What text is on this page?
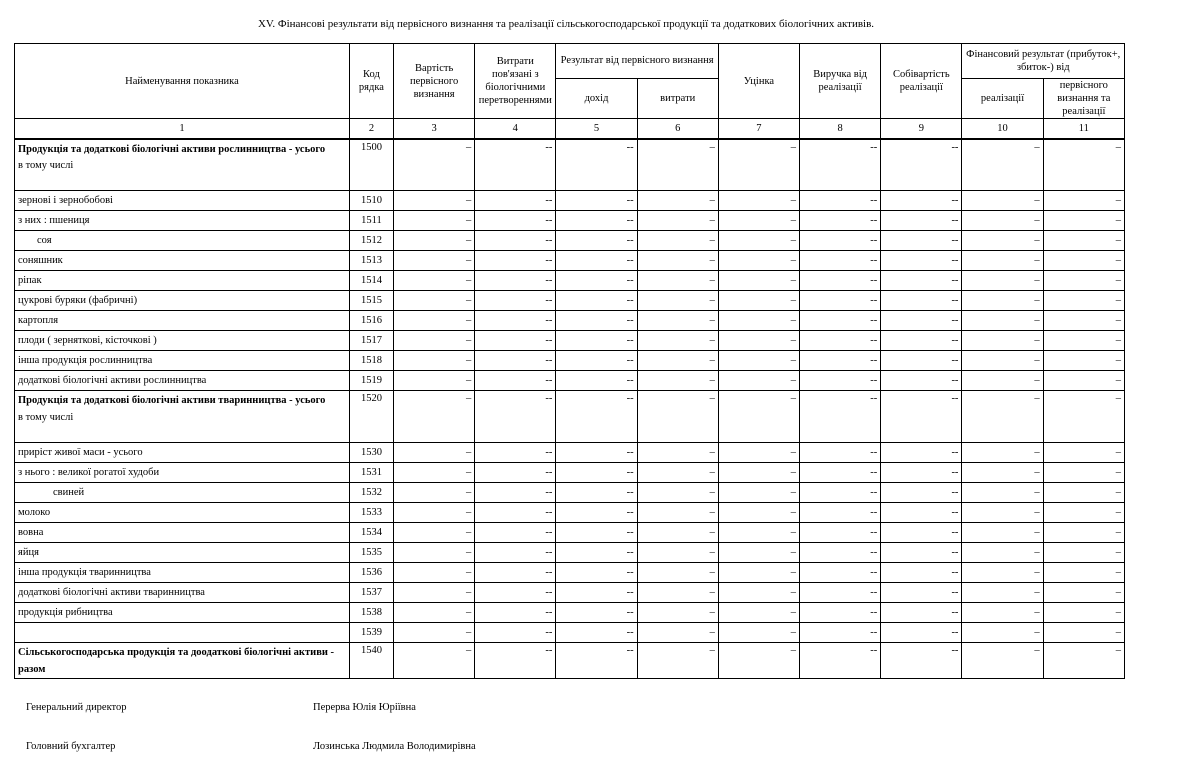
XV. Фінансові результати від первісного визнання та реалізації сільськогосподарської продукції та додаткових біологічних активів.
Найменування показника	Код рядка	Вартість первісного визнання	Витрати пов'язані з біологічними перетвореннями	Результат від первісного визнання		Уцінка	Виручка від реалізації	Собівартість реалізації	Фінансовий результат (прибуток+, збиток-) від	
				дохід	витрати				реалізації	первісного визнання та реалізації
1	2	3	4	5	6	7	8	9	10	11
Продукція та додаткові біологічні активи рослинництва - усього
в тому числі	1500	–	--	--	–	–	--	--	–	–
зернові і зернобобові	1510	–	--	--	–	–	--	--	–	–
з них : пшениця	1511	–	--	--	–	–	--	--	–	–
соя	1512	–	--	--	–	–	--	--	–	–
соняшник	1513	–	--	--	–	–	--	--	–	–
ріпак	1514	–	--	--	–	–	--	--	–	–
цукрові буряки (фабричні)	1515	–	--	--	–	–	--	--	–	–
картопля	1516	–	--	--	–	–	--	--	–	–
плоди ( зерняткові, кісточкові )	1517	–	--	--	–	–	--	--	–	–
інша продукція рослинництва	1518	–	--	--	–	–	--	--	–	–
додаткові біологічні активи рослинництва	1519	–	--	--	–	–	--	--	–	–
Продукція та додаткові біологічні активи тваринництва - усього
в тому числі	1520	–	--	--	–	–	--	--	–	–
приріст живої маси - усього	1530	–	--	--	–	–	--	--	–	–
з нього : великої рогатої худоби	1531	–	--	--	–	–	--	--	–	–
свиней	1532	–	--	--	–	–	--	--	–	–
молоко	1533	–	--	--	–	–	--	--	–	–
вовна	1534	–	--	--	–	–	--	--	–	–
яйця	1535	–	--	--	–	–	--	--	–	–
інша продукція тваринництва	1536	–	--	--	–	–	--	--	–	–
додаткові біологічні активи тваринництва	1537	–	--	--	–	–	--	--	–	–
продукція рибництва	1538	–	--	--	–	–	--	--	–	–
	1539	–	--	--	–	–	--	--	–	–
Сільськогосподарська продукція та доодаткові біологічні активи - разом	1540	–	--	--	–	–	--	--	–	–
Генеральний директор	Перерва Юлія Юріївна
Головний бухгалтер	Лозинська Людмила Володимирівна
